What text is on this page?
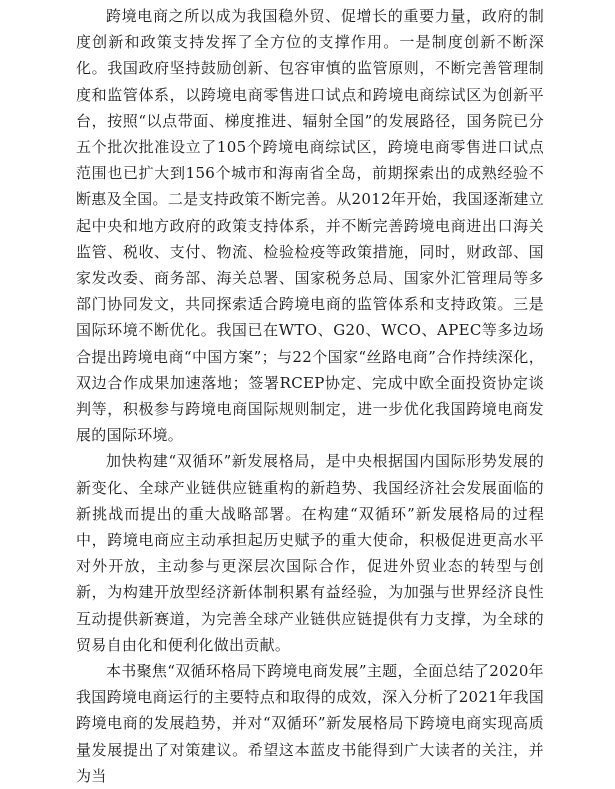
跨境电商之所以成为我国稳外贸、促增长的重要力量，政府的制度创新和政策支持发挥了全方位的支撑作用。一是制度创新不断深化。我国政府坚持鼓励创新、包容审慎的监管原则，不断完善管理制度和监管体系，以跨境电商零售进口试点和跨境电商综试区为创新平台，按照“以点带面、梯度推进、辐射全国”的发展路径，国务院已分五个批次批准设立了105个跨境电商综试区，跨境电商零售进口试点范围也已扩大到156个城市和海南省全岛，前期探索出的成熟经验不断惠及全国。二是支持政策不断完善。从2012年开始，我国逐渐建立起中央和地方政府的政策支持体系，并不断完善跨境电商进出口海关监管、税收、支付、物流、检验检疫等政策措施，同时，财政部、国家发改委、商务部、海关总署、国家税务总局、国家外汇管理局等多部门协同发文，共同探索适合跨境电商的监管体系和支持政策。三是国际环境不断优化。我国已在WTO、G20、WCO、APEC等多边场合提出跨境电商“中国方案”；与22个国家“丝路电商”合作持续深化，双边合作成果加速落地；签署RCEP协定、完成中欧全面投资协定谈判等，积极参与跨境电商国际规则制定，进一步优化我国跨境电商发展的国际环境。

加快构建“双循环”新发展格局，是中央根据国内国际形势发展的新变化、全球产业链供应链重构的新趋势、我国经济社会发展面临的新挑战而提出的重大战略部署。在构建“双循环”新发展格局的过程中，跨境电商应主动承担起历史赋予的重大使命，积极促进更高水平对外开放，主动参与更深层次国际合作，促进外贸业态的转型与创新，为构建开放型经济新体制积累有益经验，为加强与世界经济良性互动提供新赛道，为完善全球产业链供应链提供有力支撑，为全球的贸易自由化和便利化做出贡献。

本书聚焦“双循环格局下跨境电商发展”主题，全面总结了2020年我国跨境电商运行的主要特点和取得的成效，深入分析了2021年我国跨境电商的发展趋势，并对“双循环”新发展格局下跨境电商实现高质量发展提出了对策建议。希望这本蓝皮书能得到广大读者的关注，并为当
